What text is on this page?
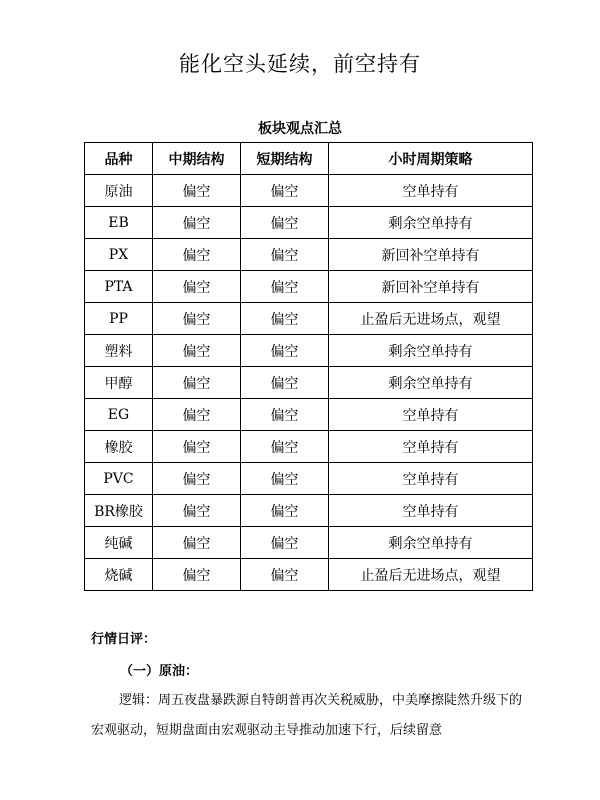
能化空头延续，前空持有
板块观点汇总
品种	中期结构	短期结构	小时周期策略
原油	偏空	偏空	空单持有
EB	偏空	偏空	剩余空单持有
PX	偏空	偏空	新回补空单持有
PTA	偏空	偏空	新回补空单持有
PP	偏空	偏空	止盈后无进场点，观望
塑料	偏空	偏空	剩余空单持有
甲醇	偏空	偏空	剩余空单持有
EG	偏空	偏空	空单持有
橡胶	偏空	偏空	空单持有
PVC	偏空	偏空	空单持有
BR橡胶	偏空	偏空	空单持有
纯碱	偏空	偏空	剩余空单持有
烧碱	偏空	偏空	止盈后无进场点，观望
行情日评：
（一）原油：
逻辑：周五夜盘暴跌源自特朗普再次关税威胁，中美摩擦陡然升级下的宏观驱动，短期盘面由宏观驱动主导推动加速下行，后续留意
